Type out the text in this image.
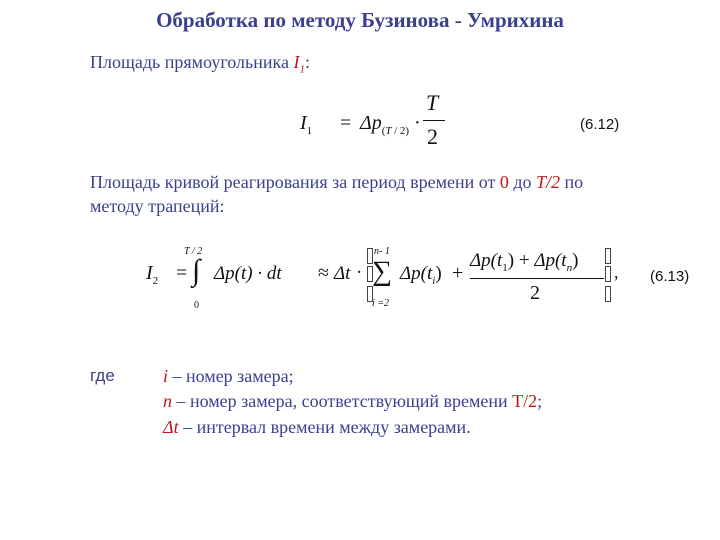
Обработка по методу Бузинова - Умрихина
Площадь прямоугольника $I_1$:
$I_1 = \Delta p_{(T / 2)}$ ·
T
2	(6.12)
Площадь кривой реагирования за период времени от 0 до T/2 по
методу трапеций:
$I_2$ =
T / 2
∫
0
Δp(t) · dt ≈ Δt ·
n- 1
∑
i =2
$\Delta p(t_i)$ +
$\Delta p(t_1) + \Delta p(t_n)$
2
, (6.13)
где	i – номер замера;
n – номер замера, соответствующий времени T/2;
Δt – интервал времени между замерами.
